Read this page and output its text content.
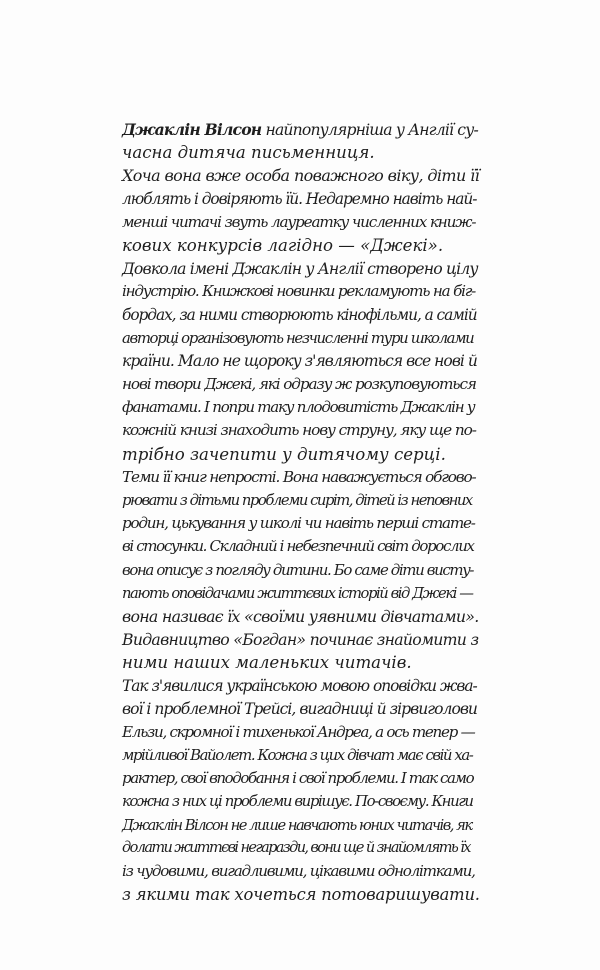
Джаклін Вілсон найпопулярніша у Англії су-
часна дитяча письменниця.
Хоча вона вже особа поважного віку, діти її
люблять і довіряють їй. Недаремно навіть най-
менші читачі звуть лауреатку численних книж-
кових конкурсів лагідно — «Джекі».
Довкола імені Джаклін у Англії створено цілу
індустрію. Книжкові новинки рекламують на біг-
бордах, за ними створюють кінофільми, а самій
авторці організовують незчисленні тури школами
країни. Мало не щороку з'являються все нові й
нові твори Джекі, які одразу ж розкуповуються
фанатами. І попри таку плодовитість Джаклін у
кожній книзі знаходить нову струну, яку ще по-
трібно зачепити у дитячому серці.
Теми її книг непрості. Вона наважується обгово-
рювати з дітьми проблеми сиріт, дітей із неповних
родин, цькування у школі чи навіть перші стате-
ві стосунки. Складний і небезпечний світ дорослих
вона описує з погляду дитини. Бо саме діти висту-
пають оповідачами життєвих історій від Джекі —
вона називає їх «своїми уявними дівчатами».
Видавництво «Богдан» починає знайомити з
ними наших маленьких читачів.
Так з'явилися українською мовою оповідки жва-
вої і проблемної Трейсі, вигадниці й зірвиголови
Ельзи, скромної і тихенької Андреа, а ось тепер —
мрійливої Вайолет. Кожна з цих дівчат має свій ха-
рактер, свої вподобання і свої проблеми. І так само
кожна з них ці проблеми вирішує. По-своєму. Книги
Джаклін Вілсон не лише навчають юних читачів, як
долати життєві негаразди, вони ще й знайомлять їх
із чудовими, вигадливими, цікавими однолітками,
з якими так хочеться потоваришувати.
